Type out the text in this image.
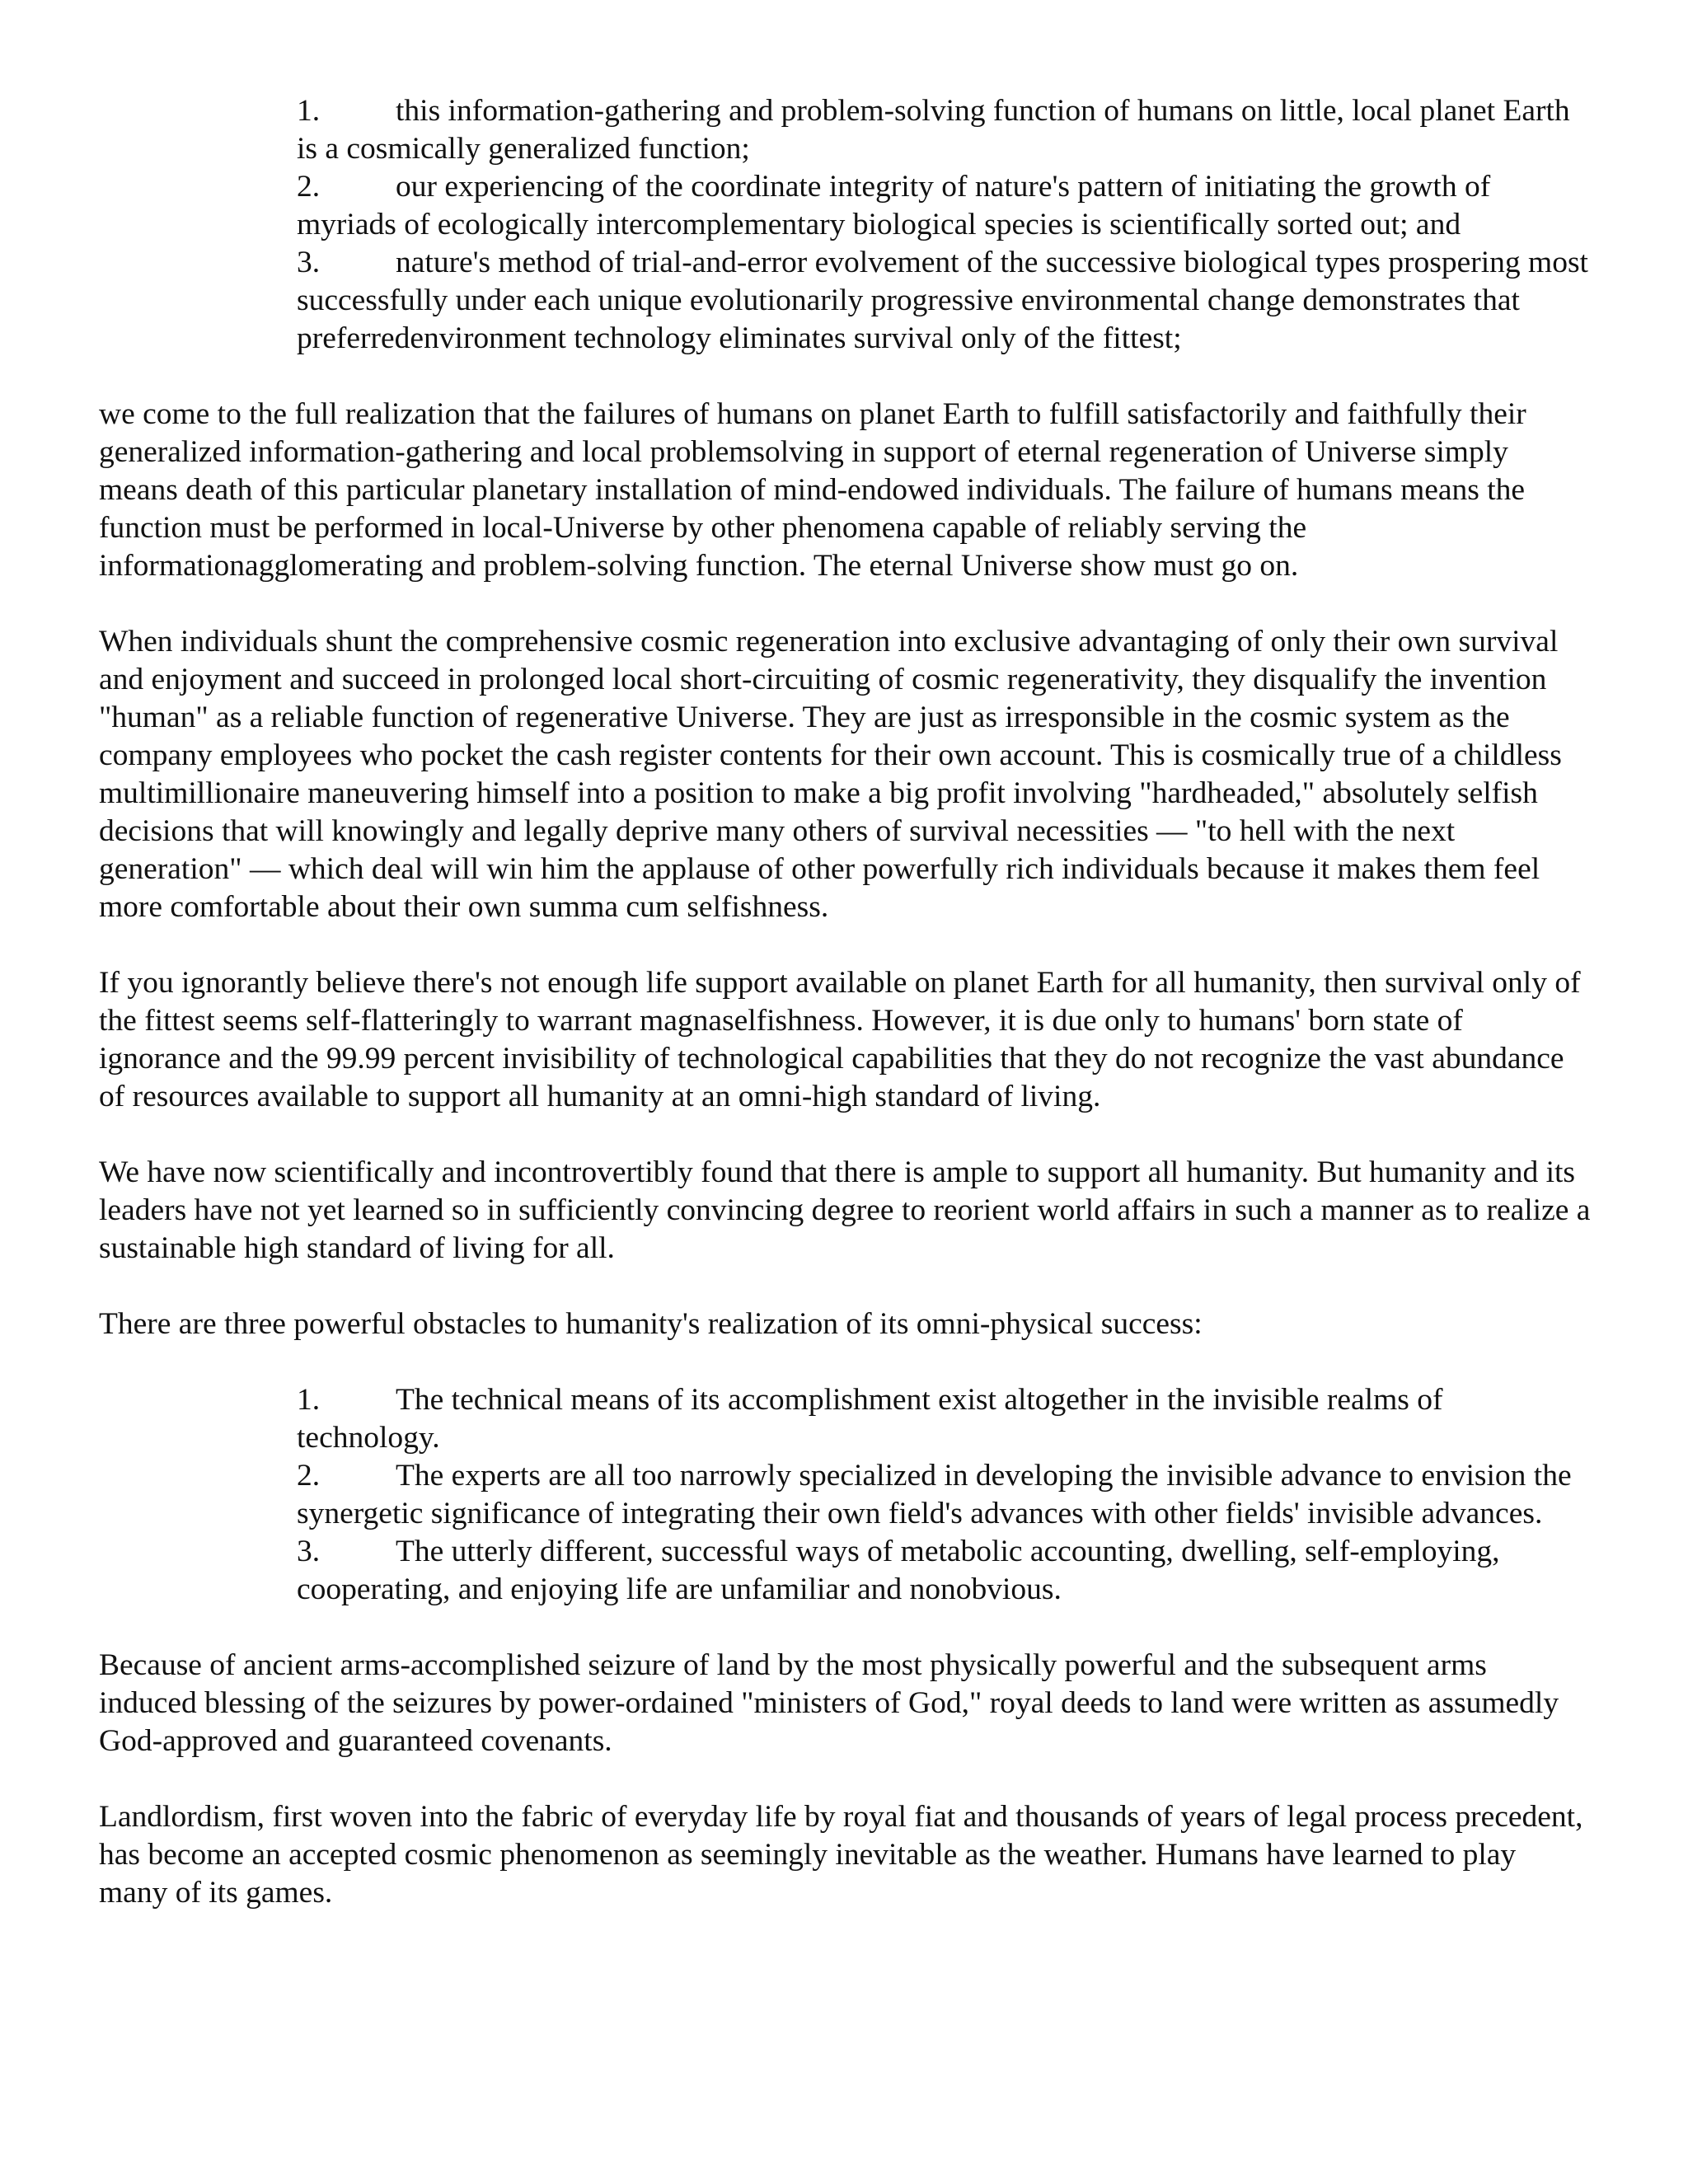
1. this information-gathering and problem-solving function of humans on little, local planet Earth is a cosmically generalized function;
2. our experiencing of the coordinate integrity of nature's pattern of initiating the growth of myriads of ecologically intercomplementary biological species is scientifically sorted out; and
3. nature's method of trial-and-error evolvement of the successive biological types prospering most successfully under each unique evolutionarily progressive environmental change demonstrates that preferredenvironment technology eliminates survival only of the fittest;

we come to the full realization that the failures of humans on planet Earth to fulfill satisfactorily and faithfully their generalized information-gathering and local problemsolving in support of eternal regeneration of Universe simply means death of this particular planetary installation of mind-endowed individuals. The failure of humans means the function must be performed in local-Universe by other phenomena capable of reliably serving the informationagglomerating and problem-solving function. The eternal Universe show must go on.

When individuals shunt the comprehensive cosmic regeneration into exclusive advantaging of only their own survival and enjoyment and succeed in prolonged local short-circuiting of cosmic regenerativity, they disqualify the invention "human" as a reliable function of regenerative Universe. They are just as irresponsible in the cosmic system as the company employees who pocket the cash register contents for their own account. This is cosmically true of a childless multimillionaire maneuvering himself into a position to make a big profit involving "hardheaded," absolutely selfish decisions that will knowingly and legally deprive many others of survival necessities — "to hell with the next generation" — which deal will win him the applause of other powerfully rich individuals because it makes them feel more comfortable about their own summa cum selfishness.

If you ignorantly believe there's not enough life support available on planet Earth for all humanity, then survival only of the fittest seems self-flatteringly to warrant magnaselfishness. However, it is due only to humans' born state of ignorance and the 99.99 percent invisibility of technological capabilities that they do not recognize the vast abundance of resources available to support all humanity at an omni-high standard of living.

We have now scientifically and incontrovertibly found that there is ample to support all humanity. But humanity and its leaders have not yet learned so in sufficiently convincing degree to reorient world affairs in such a manner as to realize a sustainable high standard of living for all.

There are three powerful obstacles to humanity's realization of its omni-physical success:

1. The technical means of its accomplishment exist altogether in the invisible realms of technology.
2. The experts are all too narrowly specialized in developing the invisible advance to envision the synergetic significance of integrating their own field's advances with other fields' invisible advances.
3. The utterly different, successful ways of metabolic accounting, dwelling, self-employing, cooperating, and enjoying life are unfamiliar and nonobvious.

Because of ancient arms-accomplished seizure of land by the most physically powerful and the subsequent arms induced blessing of the seizures by power-ordained "ministers of God," royal deeds to land were written as assumedly God-approved and guaranteed covenants.

Landlordism, first woven into the fabric of everyday life by royal fiat and thousands of years of legal process precedent, has become an accepted cosmic phenomenon as seemingly inevitable as the weather. Humans have learned to play many of its games.
